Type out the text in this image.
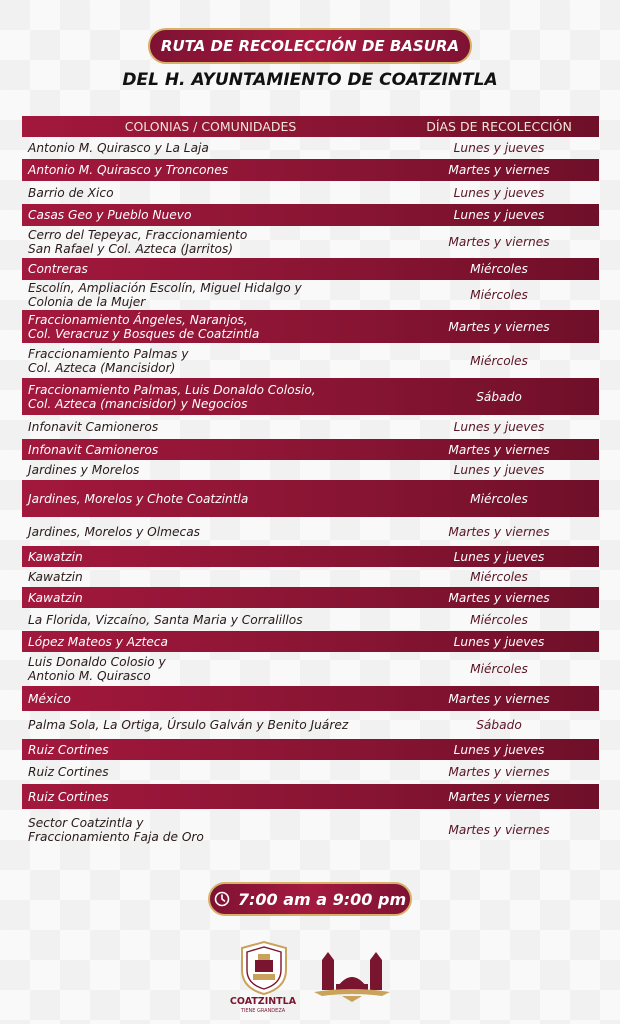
RUTA DE RECOLECCIÓN DE BASURA
DEL H. AYUNTAMIENTO DE COATZINTLA
COLONIAS / COMUNIDADES	DÍAS DE RECOLECCIÓN
Antonio M. Quirasco y La Laja	Lunes y jueves
Antonio M. Quirasco y Troncones	Martes y viernes
Barrio de Xico	Lunes y jueves
Casas Geo y Pueblo Nuevo	Lunes y jueves
Cerro del Tepeyac, Fraccionamiento
San Rafael y Col. Azteca (Jarritos)	Martes y viernes
Contreras	Miércoles
Escolín, Ampliación Escolín, Miguel Hidalgo y
Colonia de la Mujer	Miércoles
Fraccionamiento Ángeles, Naranjos,
Col. Veracruz y Bosques de Coatzintla	Martes y viernes
Fraccionamiento Palmas y
Col. Azteca (Mancisidor)	Miércoles
Fraccionamiento Palmas, Luis Donaldo Colosio,
Col. Azteca (mancisidor) y Negocios	Sábado
Infonavit Camioneros	Lunes y jueves
Infonavit Camioneros	Martes y viernes
Jardines y Morelos	Lunes y jueves
Jardines, Morelos y Chote Coatzintla	Miércoles
Jardines, Morelos y Olmecas	Martes y viernes
Kawatzin	Lunes y jueves
Kawatzin	Miércoles
Kawatzin	Martes y viernes
La Florida, Vizcaíno, Santa Maria y Corralillos	Miércoles
López Mateos y Azteca	Lunes y jueves
Luis Donaldo Colosio y
Antonio M. Quirasco	Miércoles
México	Martes y viernes
Palma Sola, La Ortiga, Úrsulo Galván y Benito Juárez	Sábado
Ruiz Cortines	Lunes y jueves
Ruiz Cortines	Martes y viernes
Ruiz Cortines	Martes y viernes
Sector Coatzintla y
Fraccionamiento Faja de Oro	Martes y viernes
7:00 am a 9:00 pm
COATZINTLA
TIENE GRANDEZA
